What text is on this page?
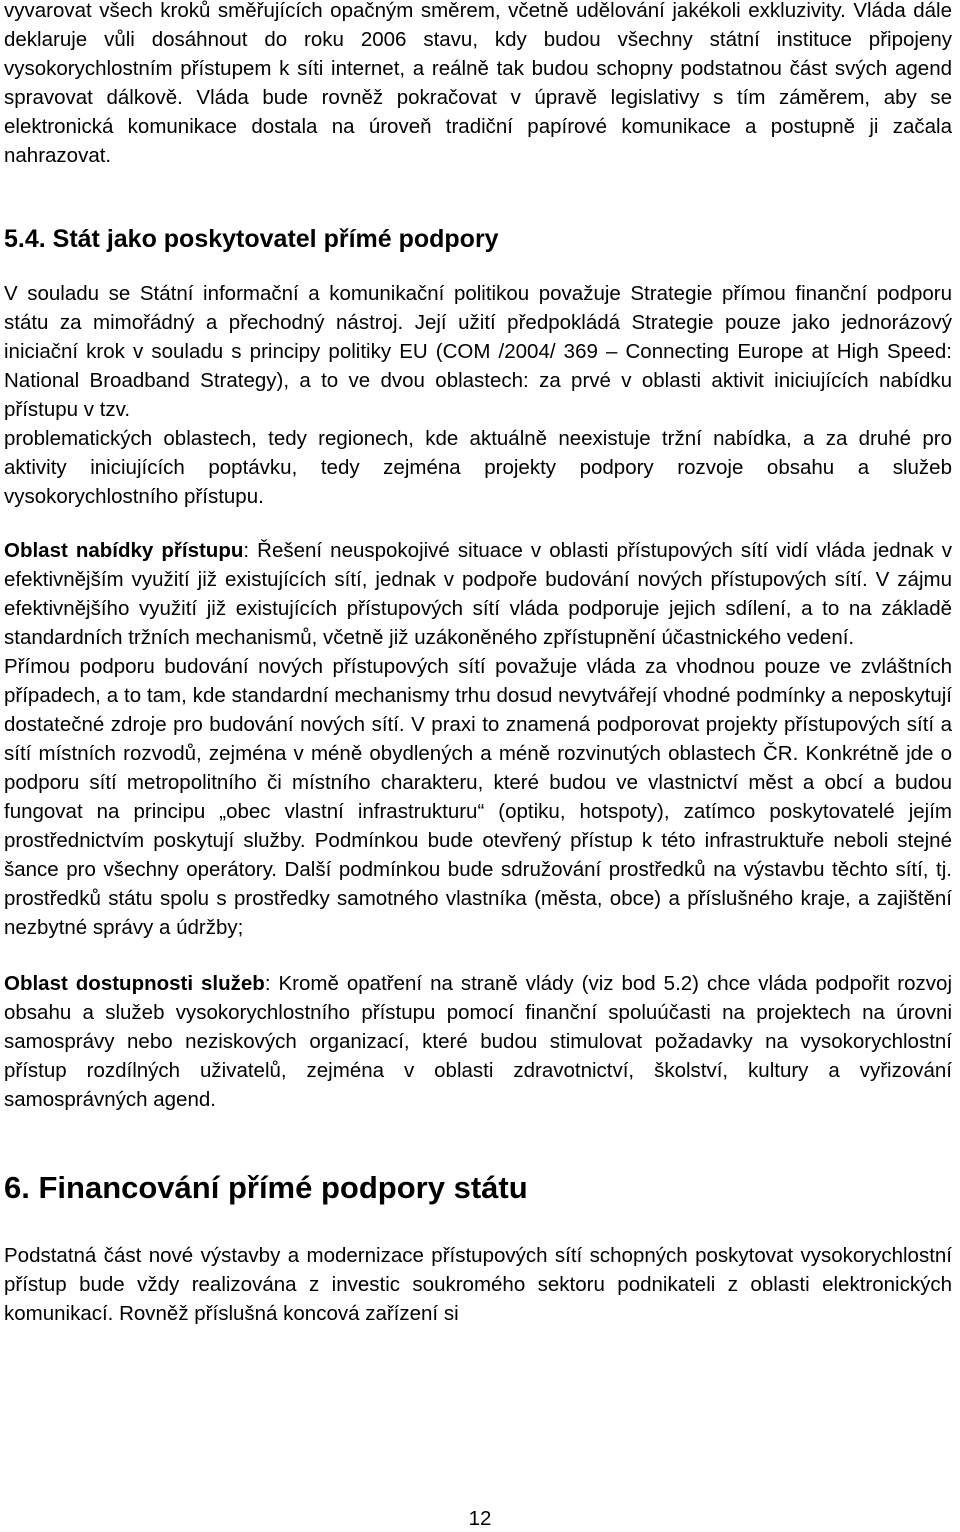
vyvarovat všech kroků směřujících opačným směrem, včetně udělování jakékoli exkluzivity. Vláda dále deklaruje vůli dosáhnout do roku 2006 stavu, kdy budou všechny státní instituce připojeny vysokorychlostním přístupem k síti internet, a reálně tak budou schopny podstatnou část svých agend spravovat dálkově. Vláda bude rovněž pokračovat v úpravě legislativy s tím záměrem, aby se elektronická komunikace dostala na úroveň tradiční papírové komunikace a postupně ji začala nahrazovat.

5.4. Stát jako poskytovatel přímé podpory

V souladu se Státní informační a komunikační politikou považuje Strategie přímou finanční podporu státu za mimořádný a přechodný nástroj. Její užití předpokládá Strategie pouze jako jednorázový iniciační krok v souladu s principy politiky EU (COM /2004/ 369 – Connecting Europe at High Speed: National Broadband Strategy), a to ve dvou oblastech: za prvé v oblasti aktivit iniciujících nabídku přístupu v tzv.

problematických oblastech, tedy regionech, kde aktuálně neexistuje tržní nabídka, a za druhé pro aktivity iniciujících poptávku, tedy zejména projekty podpory rozvoje obsahu a služeb vysokorychlostního přístupu.

Oblast nabídky přístupu: Řešení neuspokojivé situace v oblasti přístupových sítí vidí vláda jednak v efektivnějším využití již existujících sítí, jednak v podpoře budování nových přístupových sítí. V zájmu efektivnějšího využití již existujících přístupových sítí vláda podporuje jejich sdílení, a to na základě standardních tržních mechanismů, včetně již uzákoněného zpřístupnění účastnického vedení.

Přímou podporu budování nových přístupových sítí považuje vláda za vhodnou pouze ve zvláštních případech, a to tam, kde standardní mechanismy trhu dosud nevytvářejí vhodné podmínky a neposkytují dostatečné zdroje pro budování nových sítí. V praxi to znamená podporovat projekty přístupových sítí a sítí místních rozvodů, zejména v méně obydlených a méně rozvinutých oblastech ČR. Konkrétně jde o podporu sítí metropolitního či místního charakteru, které budou ve vlastnictví měst a obcí a budou fungovat na principu „obec vlastní infrastrukturu“ (optiku, hotspoty), zatímco poskytovatelé jejím prostřednictvím poskytují služby. Podmínkou bude otevřený přístup k této infrastruktuře neboli stejné šance pro všechny operátory. Další podmínkou bude sdružování prostředků na výstavbu těchto sítí, tj. prostředků státu spolu s prostředky samotného vlastníka (města, obce) a příslušného kraje, a zajištění nezbytné správy a údržby;

Oblast dostupnosti služeb: Kromě opatření na straně vlády (viz bod 5.2) chce vláda podpořit rozvoj obsahu a služeb vysokorychlostního přístupu pomocí finanční spoluúčasti na projektech na úrovni samosprávy nebo neziskových organizací, které budou stimulovat požadavky na vysokorychlostní přístup rozdílných uživatelů, zejména v oblasti zdravotnictví, školství, kultury a vyřizování samosprávných agend.

6. Financování přímé podpory státu

Podstatná část nové výstavby a modernizace přístupových sítí schopných poskytovat vysokorychlostní přístup bude vždy realizována z investic soukromého sektoru podnikateli z oblasti elektronických komunikací. Rovněž příslušná koncová zařízení si

12
